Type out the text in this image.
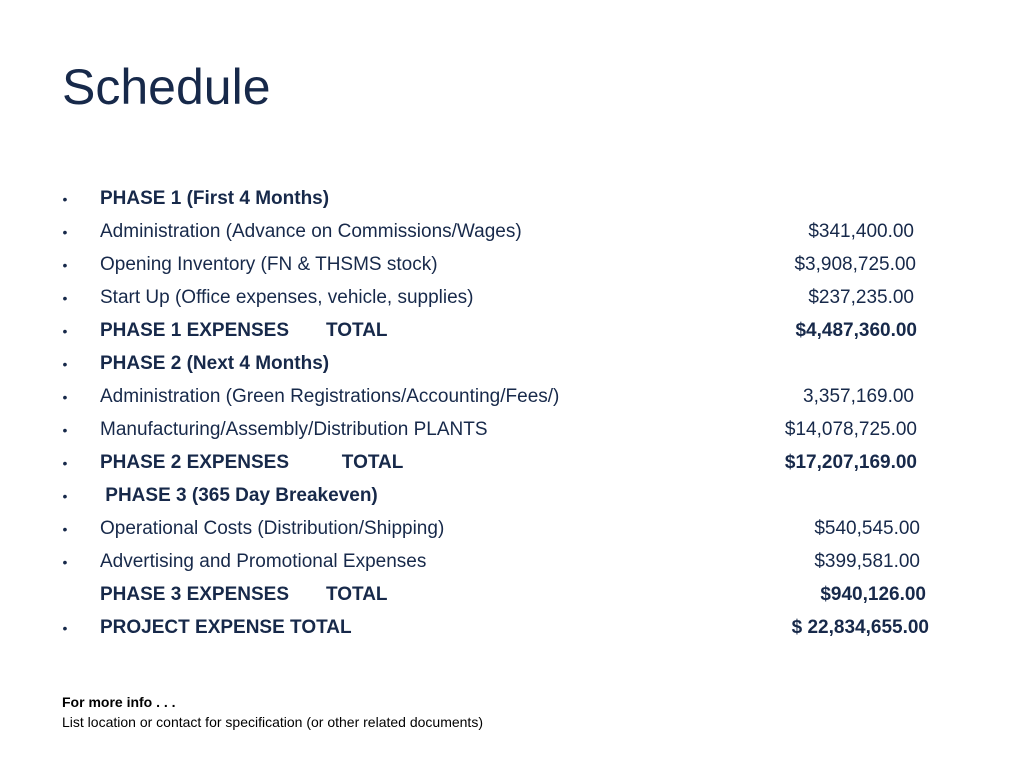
Schedule
• PHASE 1 (First 4 Months)
• Administration (Advance on Commissions/Wages)	$341,400.00
• Opening Inventory (FN & THSMS stock)	$3,908,725.00
• Start Up (Office expenses, vehicle, supplies)	$237,235.00
• PHASE 1 EXPENSES       TOTAL	$4,487,360.00
• PHASE 2 (Next 4 Months)
• Administration (Green Registrations/Accounting/Fees/)	3,357,169.00
• Manufacturing/Assembly/Distribution PLANTS	$14,078,725.00
• PHASE 2 EXPENSES          TOTAL	$17,207,169.00
• PHASE 3 (365 Day Breakeven)
• Operational Costs (Distribution/Shipping)	$540,545.00
• Advertising and Promotional Expenses	$399,581.00
PHASE 3 EXPENSES       TOTAL	$940,126.00
• PROJECT EXPENSE TOTAL	$ 22,834,655.00
For more info . . .
List location or contact for specification (or other related documents)
